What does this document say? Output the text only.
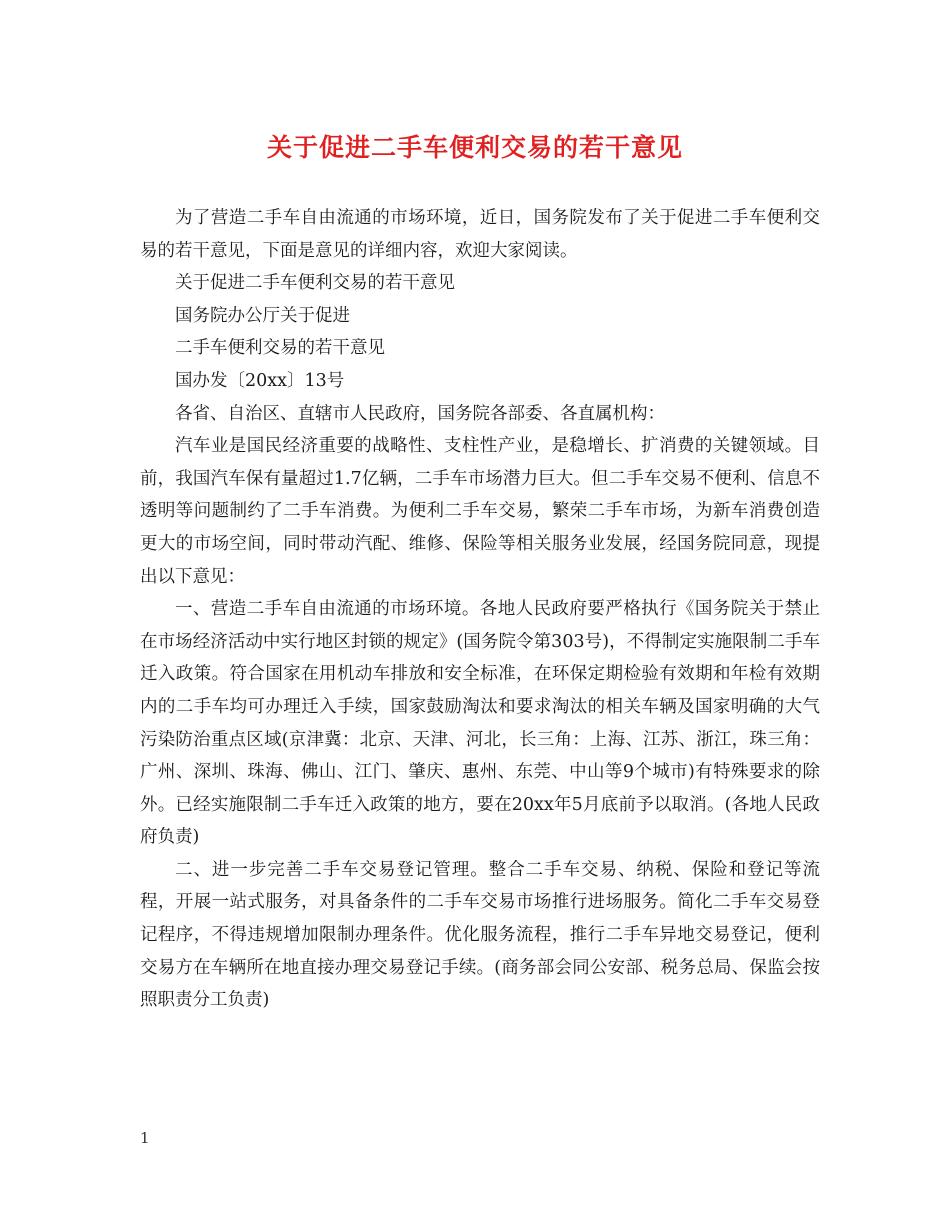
关于促进二手车便利交易的若干意见

为了营造二手车自由流通的市场环境，近日，国务院发布了关于促进二手车便利交易的若干意见，下面是意见的详细内容，欢迎大家阅读。

关于促进二手车便利交易的若干意见

国务院办公厅关于促进

二手车便利交易的若干意见

国办发〔20xx〕13号

各省、自治区、直辖市人民政府，国务院各部委、各直属机构：

汽车业是国民经济重要的战略性、支柱性产业，是稳增长、扩消费的关键领域。目前，我国汽车保有量超过1.7亿辆，二手车市场潜力巨大。但二手车交易不便利、信息不透明等问题制约了二手车消费。为便利二手车交易，繁荣二手车市场，为新车消费创造更大的市场空间，同时带动汽配、维修、保险等相关服务业发展，经国务院同意，现提出以下意见：

一、营造二手车自由流通的市场环境。各地人民政府要严格执行《国务院关于禁止在市场经济活动中实行地区封锁的规定》(国务院令第303号)，不得制定实施限制二手车迁入政策。符合国家在用机动车排放和安全标准，在环保定期检验有效期和年检有效期内的二手车均可办理迁入手续，国家鼓励淘汰和要求淘汰的相关车辆及国家明确的大气污染防治重点区域(京津冀：北京、天津、河北，长三角：上海、江苏、浙江，珠三角：广州、深圳、珠海、佛山、江门、肇庆、惠州、东莞、中山等9个城市)有特殊要求的除外。已经实施限制二手车迁入政策的地方，要在20xx年5月底前予以取消。(各地人民政府负责)

二、进一步完善二手车交易登记管理。整合二手车交易、纳税、保险和登记等流程，开展一站式服务，对具备条件的二手车交易市场推行进场服务。简化二手车交易登记程序，不得违规增加限制办理条件。优化服务流程，推行二手车异地交易登记，便利交易方在车辆所在地直接办理交易登记手续。(商务部会同公安部、税务总局、保监会按照职责分工负责)

1
